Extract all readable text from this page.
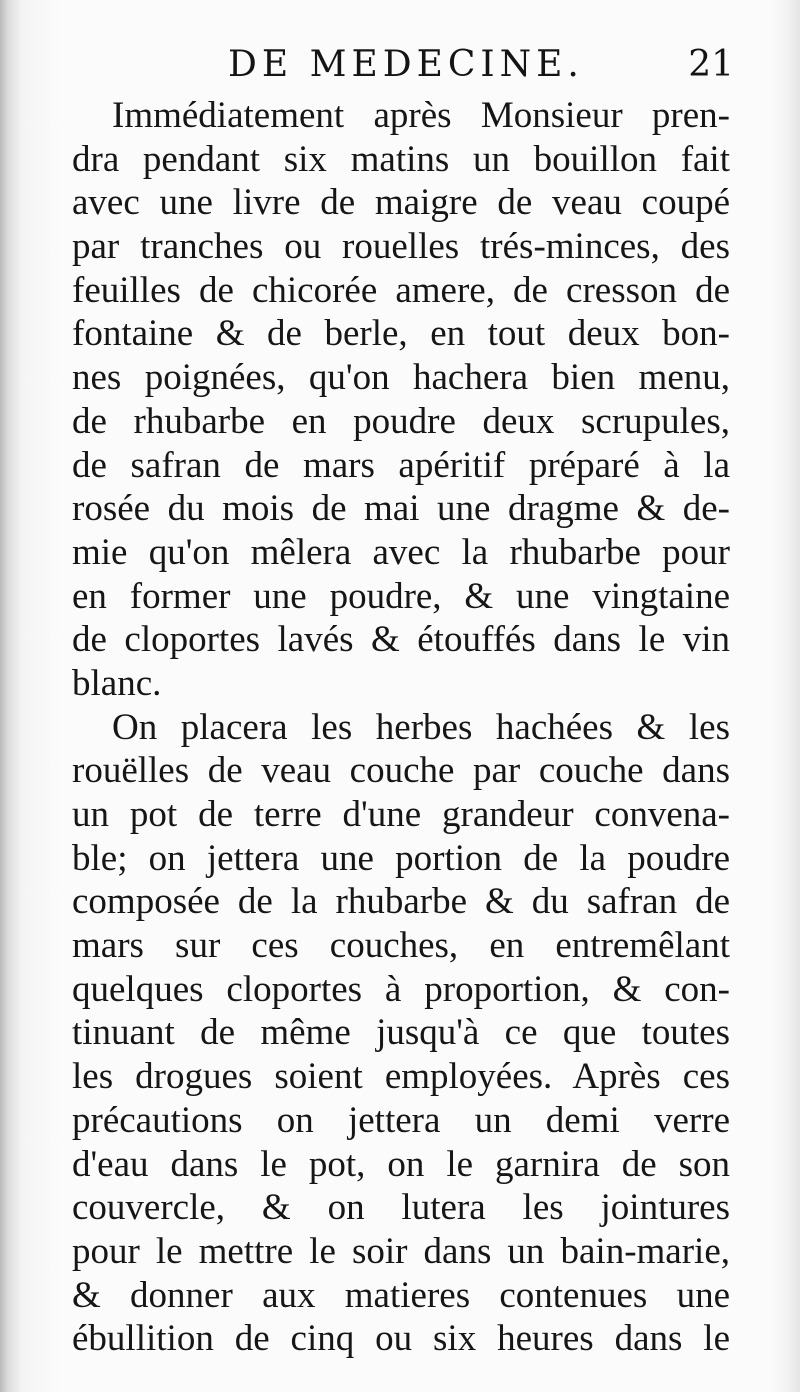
DE MEDECINE.	21
Immédiatement après Monsieur pren-
dra pendant six matins un bouillon fait
avec une livre de maigre de veau coupé
par tranches ou rouelles trés-minces, des
feuilles de chicorée amere, de cresson de
fontaine & de berle, en tout deux bon-
nes poignées, qu'on hachera bien menu,
de rhubarbe en poudre deux scrupules,
de safran de mars apéritif préparé à la
rosée du mois de mai une dragme & de-
mie qu'on mêlera avec la rhubarbe pour
en former une poudre, & une vingtaine
de cloportes lavés & étouffés dans le vin
blanc.
On placera les herbes hachées & les
rouëlles de veau couche par couche dans
un pot de terre d'une grandeur convena-
ble; on jettera une portion de la poudre
composée de la rhubarbe & du safran de
mars sur ces couches, en entremêlant
quelques cloportes à proportion, & con-
tinuant de même jusqu'à ce que toutes
les drogues soient employées. Après ces
précautions on jettera un demi verre
d'eau dans le pot, on le garnira de son
couvercle, & on lutera les jointures
pour le mettre le soir dans un bain-marie,
& donner aux matieres contenues une
ébullition de cinq ou six heures dans le
